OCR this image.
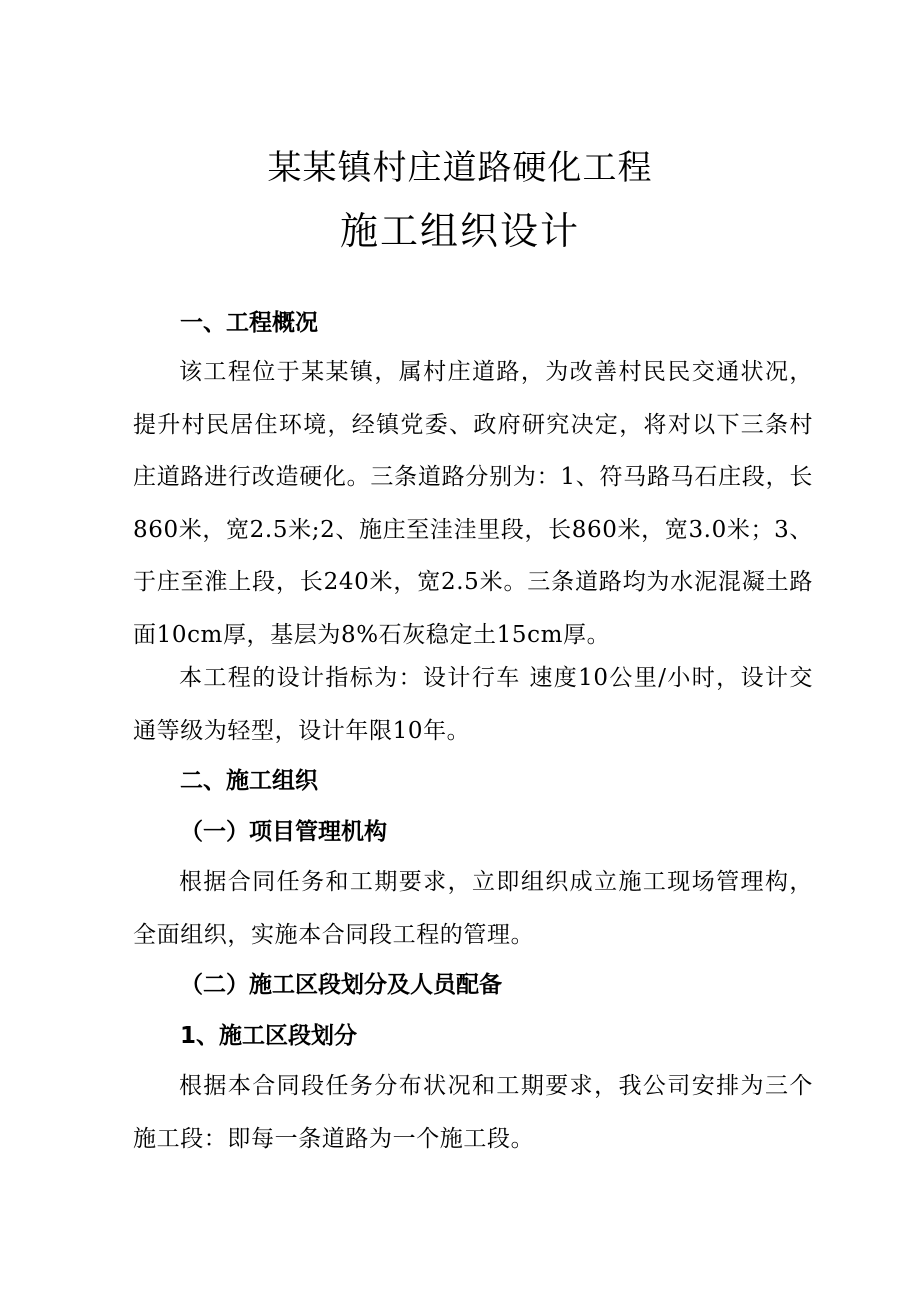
某某镇村庄道路硬化工程
施工组织设计
一、工程概况
该工程位于某某镇，属村庄道路，为改善村民民交通状况，提升村民居住环境，经镇党委、政府研究决定，将对以下三条村庄道路进行改造硬化。三条道路分别为：1、符马路马石庄段，长860米，宽2.5米;2、施庄至洼洼里段，长860米，宽3.0米；3、于庄至淮上段，长240米，宽2.5米。三条道路均为水泥混凝土路面10cm厚，基层为8%石灰稳定土15cm厚。
本工程的设计指标为：设计行车 速度10公里/小时，设计交通等级为轻型，设计年限10年。
二、施工组织
（一）项目管理机构
根据合同任务和工期要求，立即组织成立施工现场管理构，全面组织，实施本合同段工程的管理。
（二）施工区段划分及人员配备
1、施工区段划分
根据本合同段任务分布状况和工期要求，我公司安排为三个施工段：即每一条道路为一个施工段。
